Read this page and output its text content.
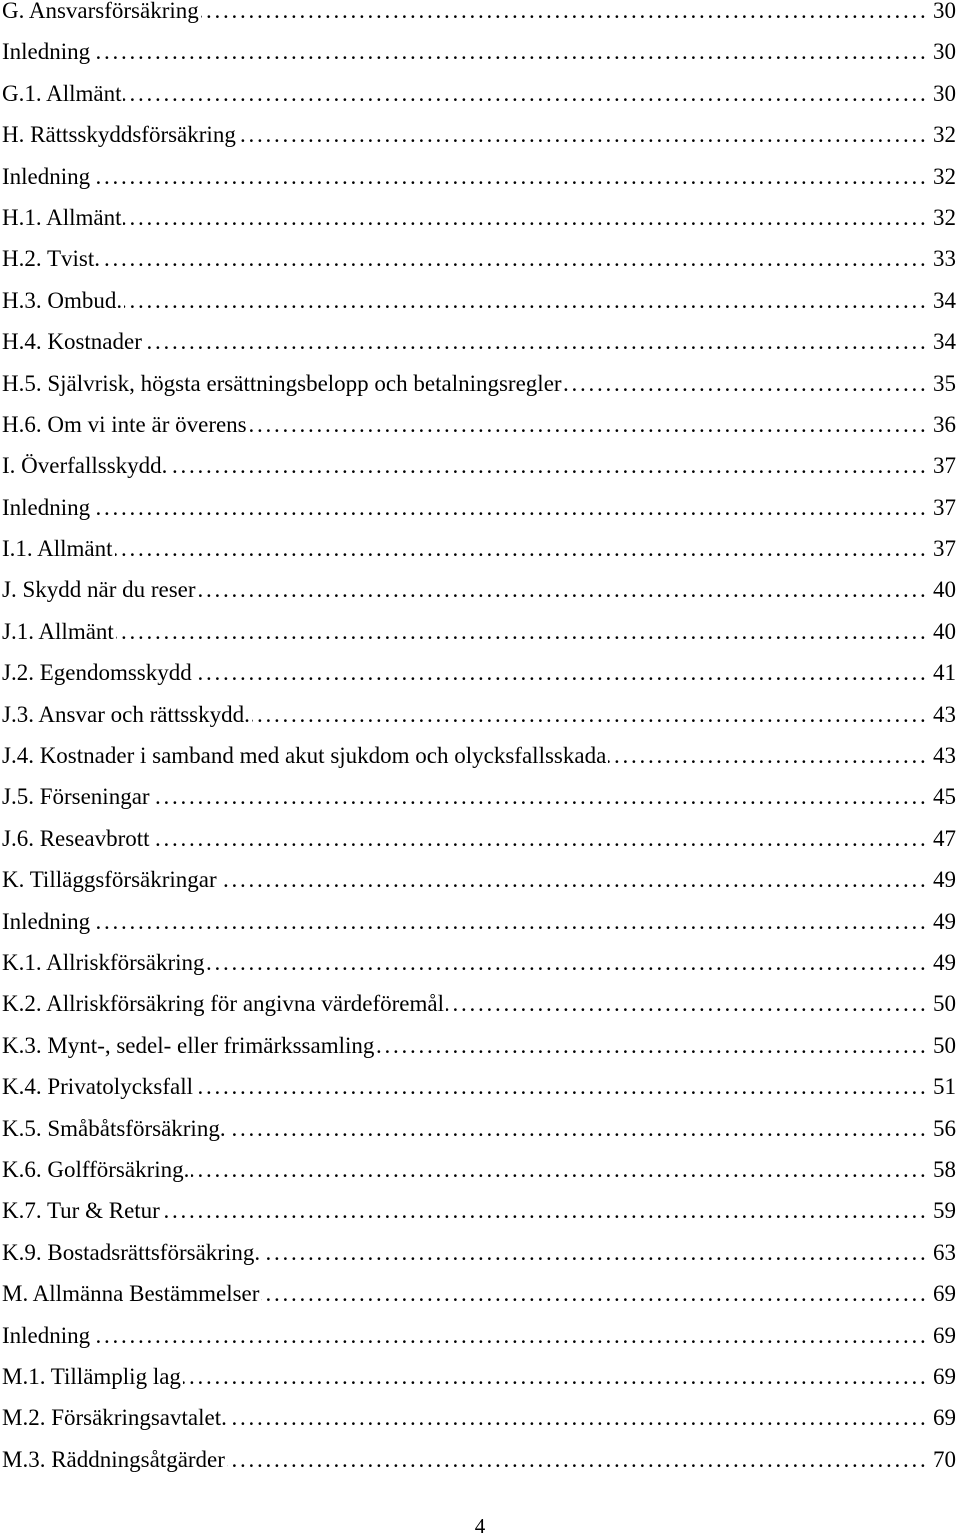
. . . G. Ansvarsförsäkring	30
. . . Inledning	30
. . . G.1. Allmänt	30
. . . H. Rättsskyddsförsäkring	32
. . . Inledning	32
. . . H.1. Allmänt	32
. . . H.2. Tvist.	33
. . . H.3. Ombud.	34
. . . H.4. Kostnader	34
. . . H.5. Självrisk, högsta ersättningsbelopp och betalningsregler	35
. . . H.6. Om vi inte är överens	36
. . . I. Överfallsskydd.	37
. . . Inledning	37
. . . I.1. Allmänt	37
. . . J. Skydd när du reser	40
. . . J.1. Allmänt	40
. . . J.2. Egendomsskydd	41
. . . J.3. Ansvar och rättsskydd.	43
. . . J.4. Kostnader i samband med akut sjukdom och olycksfallsskada	43
. . . J.5. Förseningar	45
. . . J.6. Reseavbrott	47
. . . K. Tilläggsförsäkringar	49
. . . Inledning	49
. . . K.1. Allriskförsäkring	49
. . . K.2. Allriskförsäkring för angivna värdeföremål	50
. . . K.3. Mynt-, sedel- eller frimärkssamling	50
. . . K.4. Privatolycksfall	51
. . . K.5. Småbåtsförsäkring.	56
. . . K.6. Golfförsäkring.	58
. . . K.7. Tur & Retur	59
. . . K.9. Bostadsrättsförsäkring.	63
. . . M. Allmänna Bestämmelser	69
. . . Inledning	69
. . . M.1. Tillämplig lag	69
. . . M.2. Försäkringsavtalet.	69
. . . M.3. Räddningsåtgärder	70
4
